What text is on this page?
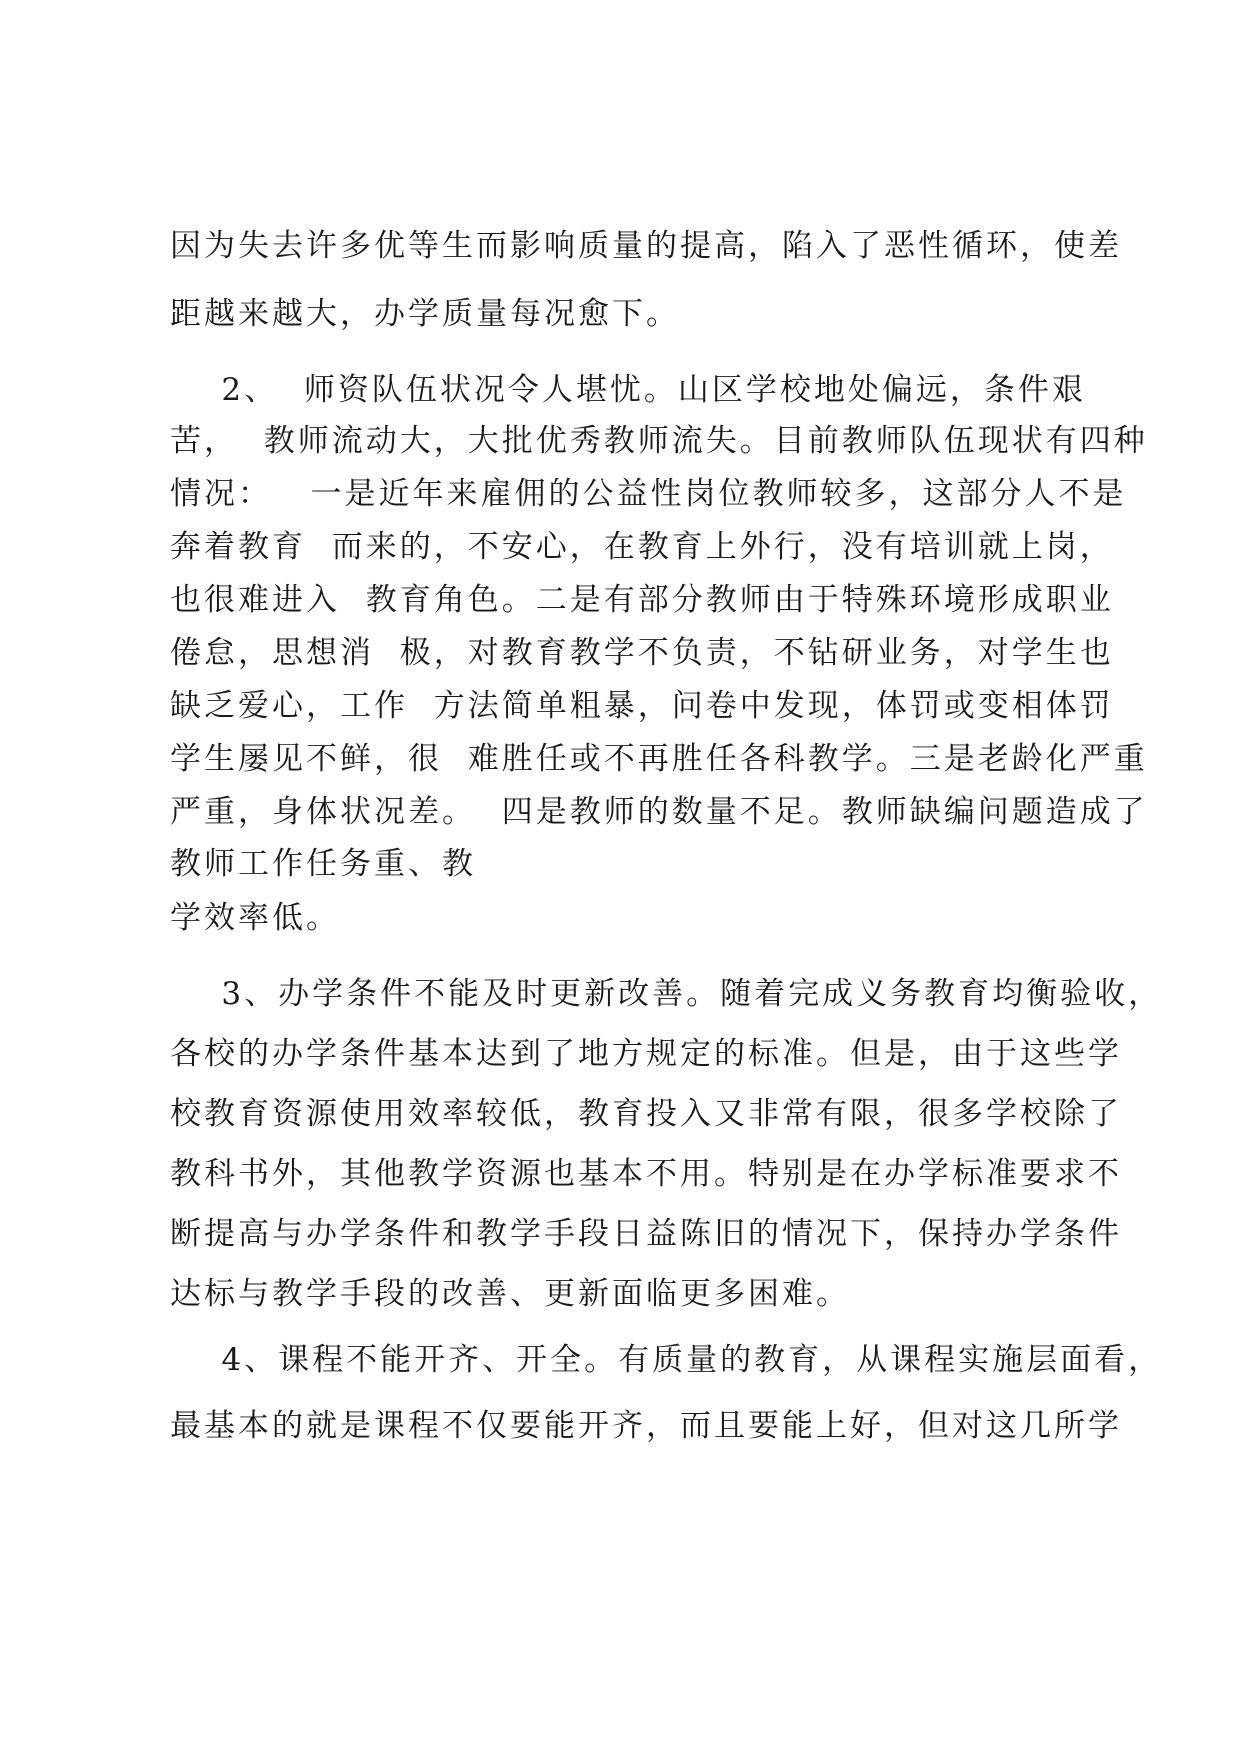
因为失去许多优等生而影响质量的提高，陷入了恶性循环，使差
距越来越大，办学质量每况愈下。
2、  师资队伍状况令人堪忧。山区学校地处偏远，条件艰
苦，  教师流动大，大批优秀教师流失。目前教师队伍现状有四种
情况：   一是近年来雇佣的公益性岗位教师较多，这部分人不是
奔着教育  而来的，不安心，在教育上外行，没有培训就上岗，
也很难进入  教育角色。二是有部分教师由于特殊环境形成职业
倦怠，思想消  极，对教育教学不负责，不钻研业务，对学生也
缺乏爱心，工作  方法简单粗暴，问卷中发现，体罚或变相体罚
学生屡见不鲜，很  难胜任或不再胜任各科教学。三是老龄化严重
严重，身体状况差。  四是教师的数量不足。教师缺编问题造成了
教师工作任务重、教
学效率低。
3、办学条件不能及时更新改善。随着完成义务教育均衡验收，
各校的办学条件基本达到了地方规定的标准。但是，由于这些学
校教育资源使用效率较低，教育投入又非常有限，很多学校除了
教科书外，其他教学资源也基本不用。特别是在办学标准要求不
断提高与办学条件和教学手段日益陈旧的情况下，保持办学条件
达标与教学手段的改善、更新面临更多困难。
4、课程不能开齐、开全。有质量的教育，从课程实施层面看，
最基本的就是课程不仅要能开齐，而且要能上好，但对这几所学
